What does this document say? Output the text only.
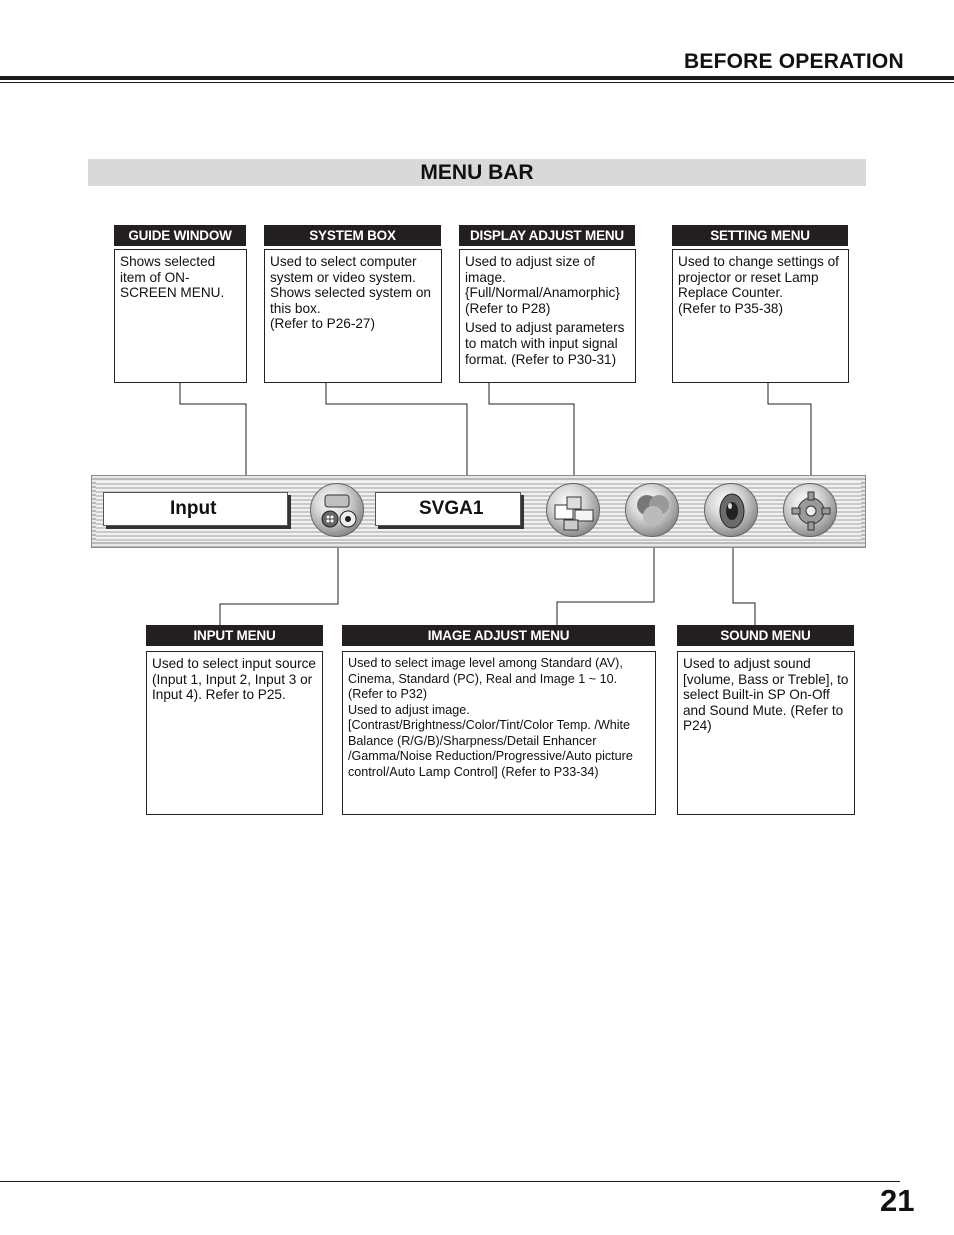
BEFORE OPERATION
MENU BAR
GUIDE WINDOW

Shows selected item of ON-SCREEN MENU.

SYSTEM BOX

Used to select computer system or video system. Shows selected system on this box.

(Refer to P26-27)

DISPLAY ADJUST MENU

Used to adjust size of image. {Full/Normal/Anamorphic} (Refer to P28)

Used to adjust parameters to match with input signal format. (Refer to P30-31)

SETTING MENU

Used to change settings of projector or reset Lamp Replace Counter.

(Refer to P35-38)

Input	SVGA1
INPUT MENU

Used to select input source (Input 1, Input 2, Input 3 or Input 4). Refer to P25.

IMAGE ADJUST MENU

Used to select image level among Standard (AV), Cinema, Standard (PC), Real and Image 1 ~ 10. (Refer to P32)

Used to adjust image. [Contrast/Brightness/Color/Tint/Color Temp. /White Balance (R/G/B)/Sharpness/Detail Enhancer /Gamma/Noise Reduction/Progressive/Auto picture control/Auto Lamp Control] (Refer to P33-34)

SOUND MENU

Used to adjust sound [volume, Bass or Treble], to select Built-in SP On-Off and Sound Mute. (Refer to P24)

21
